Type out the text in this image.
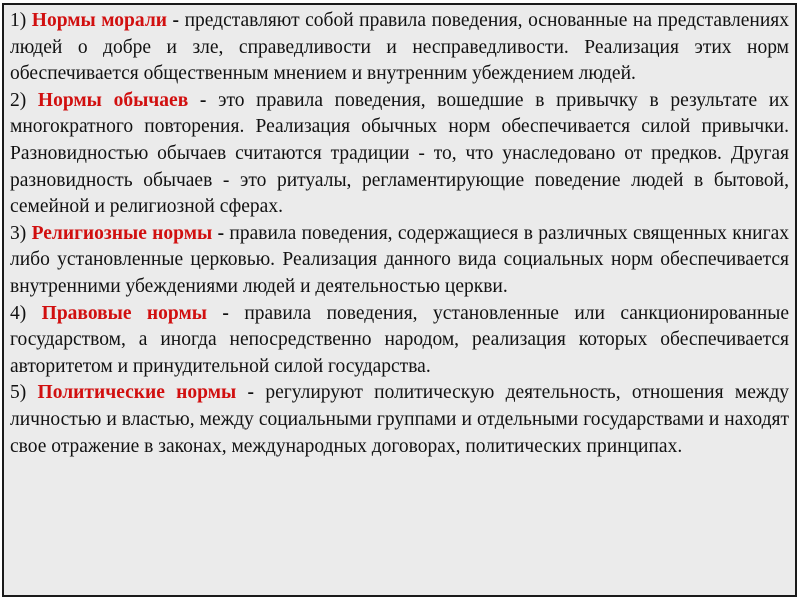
1) Нормы морали - представляют собой правила поведения, основанные на представлениях людей о добре и зле, справедливости и несправедливости. Реализация этих норм обеспечивается общественным мнением и внутренним убеждением людей.

2) Нормы обычаев - это правила поведения, вошедшие в привычку в результате их многократного повторения. Реализация обычных норм обеспечивается силой привычки. Разновидностью обычаев считаются традиции - то, что унаследовано от предков. Другая разновидность обычаев - это ритуалы, регламентирующие поведение людей в бытовой, семейной и религиозной сферах.

3) Религиозные нормы - правила поведения, содержащиеся в различных священных книгах либо установленные церковью. Реализация данного вида социальных норм обеспечивается внутренними убеждениями людей и деятельностью церкви.

4) Правовые нормы - правила поведения, установленные или санкционированные государством, а иногда непосредственно народом, реализация которых обеспечивается авторитетом и принудительной силой государства.

5) Политические нормы - регулируют политическую деятельность, отношения между личностью и властью, между социальными группами и отдельными государствами и находят свое отражение в законах, международных договорах, политических принципах.
